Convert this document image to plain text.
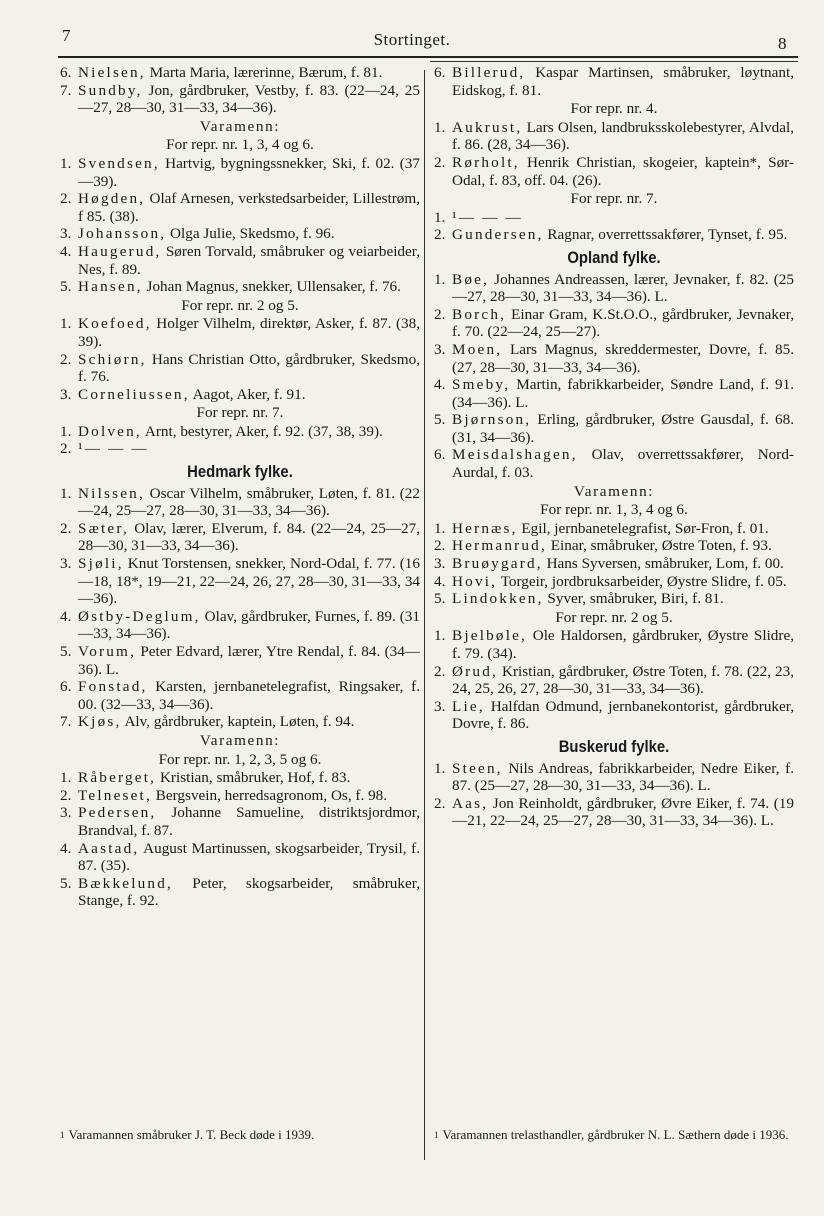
7	Stortinget.	8
6. Nielsen, Marta Maria, lærerinne, Bærum, f. 81.
7. Sundby, Jon, gårdbruker, Vestby, f. 83. (22—24, 25—27, 28—30, 31—33, 34—36).
Varamenn:
For repr. nr. 1, 3, 4 og 6.
1. Svendsen, Hartvig, bygningssnekker, Ski, f. 02. (37—39).
2. Høgden, Olaf Arnesen, verkstedsarbeider, Lillestrøm, f 85. (38).
3. Johansson, Olga Julie, Skedsmo, f. 96.
4. Haugerud, Søren Torvald, småbruker og veiarbeider, Nes, f. 89.
5. Hansen, Johan Magnus, snekker, Ullensaker, f. 76.
For repr. nr. 2 og 5.
1. Koefoed, Holger Vilhelm, direktør, Asker, f. 87. (38, 39).
2. Schiørn, Hans Christian Otto, gårdbruker, Skedsmo, f. 76.
3. Corneliussen, Aagot, Aker, f. 91.
For repr. nr. 7.
1. Dolven, Arnt, bestyrer, Aker, f. 92. (37, 38, 39).
2. ¹— — —
Hedmark fylke.
1. Nilssen, Oscar Vilhelm, småbruker, Løten, f. 81. (22—24, 25—27, 28—30, 31—33, 34—36).
2. Sæter, Olav, lærer, Elverum, f. 84. (22—24, 25—27, 28—30, 31—33, 34—36).
3. Sjøli, Knut Torstensen, snekker, Nord-Odal, f. 77. (16—18, 18*, 19—21, 22—24, 26, 27, 28—30, 31—33, 34—36).
4. Østby-Deglum, Olav, gårdbruker, Furnes, f. 89. (31—33, 34—36).
5. Vorum, Peter Edvard, lærer, Ytre Rendal, f. 84. (34—36). L.
6. Fonstad, Karsten, jernbanetelegrafist, Ringsaker, f. 00. (32—33, 34—36).
7. Kjøs, Alv, gårdbruker, kaptein, Løten, f. 94.
Varamenn:
For repr. nr. 1, 2, 3, 5 og 6.
1. Råberget, Kristian, småbruker, Hof, f. 83.
2. Telneset, Bergsvein, herredsagronom, Os, f. 98.
3. Pedersen, Johanne Samueline, distriktsjordmor, Brandval, f. 87.
4. Aastad, August Martinussen, skogsarbeider, Trysil, f. 87. (35).
5. Bækkelund, Peter, skogsarbeider, småbruker, Stange, f. 92.
6. Billerud, Kaspar Martinsen, småbruker, løytnant, Eidskog, f. 81.
For repr. nr. 4.
1. Aukrust, Lars Olsen, landbruksskolebestyrer, Alvdal, f. 86. (28, 34—36).
2. Rørholt, Henrik Christian, skogeier, kaptein*, Sør-Odal, f. 83, off. 04. (26).
For repr. nr. 7.
1. ¹— — —
2. Gundersen, Ragnar, overrettssakfører, Tynset, f. 95.
Opland fylke.
1. Bøe, Johannes Andreassen, lærer, Jevnaker, f. 82. (25—27, 28—30, 31—33, 34—36). L.
2. Borch, Einar Gram, K.St.O.O., gårdbruker, Jevnaker, f. 70. (22—24, 25—27).
3. Moen, Lars Magnus, skreddermester, Dovre, f. 85. (27, 28—30, 31—33, 34—36).
4. Smeby, Martin, fabrikkarbeider, Søndre Land, f. 91. (34—36). L.
5. Bjørnson, Erling, gårdbruker, Østre Gausdal, f. 68. (31, 34—36).
6. Meisdalshagen, Olav, overrettssakfører, Nord-Aurdal, f. 03.
Varamenn:
For repr. nr. 1, 3, 4 og 6.
1. Hernæs, Egil, jernbanetelegrafist, Sør-Fron, f. 01.
2. Hermanrud, Einar, småbruker, Østre Toten, f. 93.
3. Bruøygard, Hans Syversen, småbruker, Lom, f. 00.
4. Hovi, Torgeir, jordbruksarbeider, Øystre Slidre, f. 05.
5. Lindokken, Syver, småbruker, Biri, f. 81.
For repr. nr. 2 og 5.
1. Bjelbøle, Ole Haldorsen, gårdbruker, Øystre Slidre, f. 79. (34).
2. Ørud, Kristian, gårdbruker, Østre Toten, f. 78. (22, 23, 24, 25, 26, 27, 28—30, 31—33, 34—36).
3. Lie, Halfdan Odmund, jernbanekontorist, gårdbruker, Dovre, f. 86.
Buskerud fylke.
1. Steen, Nils Andreas, fabrikkarbeider, Nedre Eiker, f. 87. (25—27, 28—30, 31—33, 34—36). L.
2. Aas, Jon Reinholdt, gårdbruker, Øvre Eiker, f. 74. (19—21, 22—24, 25—27, 28—30, 31—33, 34—36). L.
$^1$ Varamannen småbruker J. T. Beck døde i 1939.	$^1$ Varamannen trelasthandler, gårdbruker N. L. Sæthern døde i 1936.
